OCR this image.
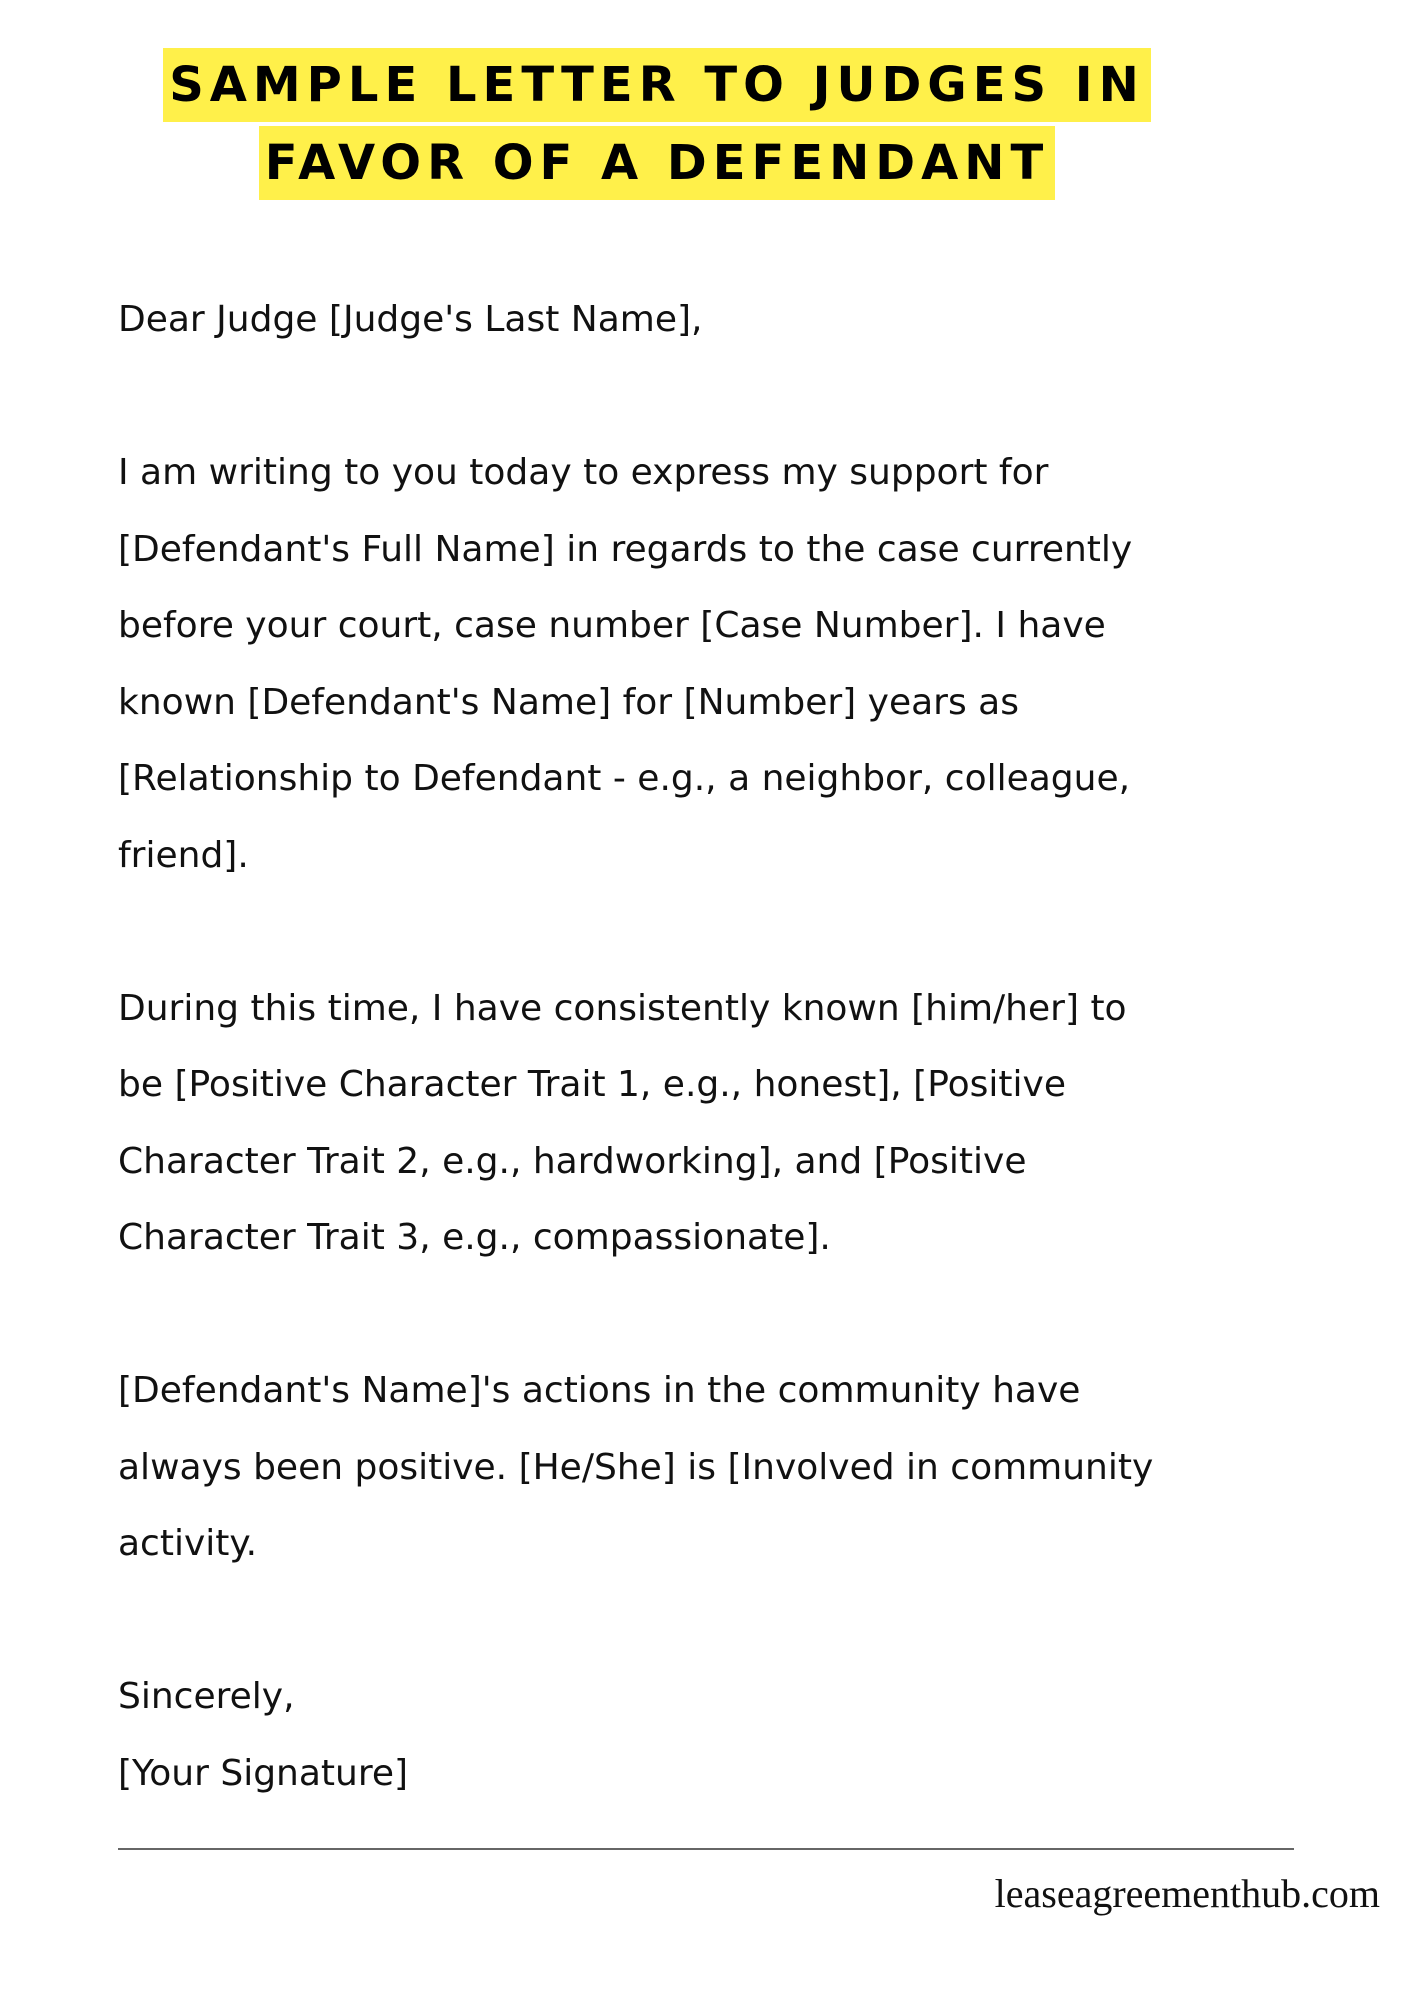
SAMPLE LETTER TO JUDGES IN
FAVOR OF A DEFENDANT

Dear Judge [Judge's Last Name],

I am writing to you today to express my support for
[Defendant's Full Name] in regards to the case currently
before your court, case number [Case Number]. I have
known [Defendant's Name] for [Number] years as
[Relationship to Defendant - e.g., a neighbor, colleague,
friend].

During this time, I have consistently known [him/her] to
be [Positive Character Trait 1, e.g., honest], [Positive
Character Trait 2, e.g., hardworking], and [Positive
Character Trait 3, e.g., compassionate].

[Defendant's Name]'s actions in the community have
always been positive. [He/She] is [Involved in community
activity.

Sincerely,

[Your Signature]

leaseagreementhub.com
